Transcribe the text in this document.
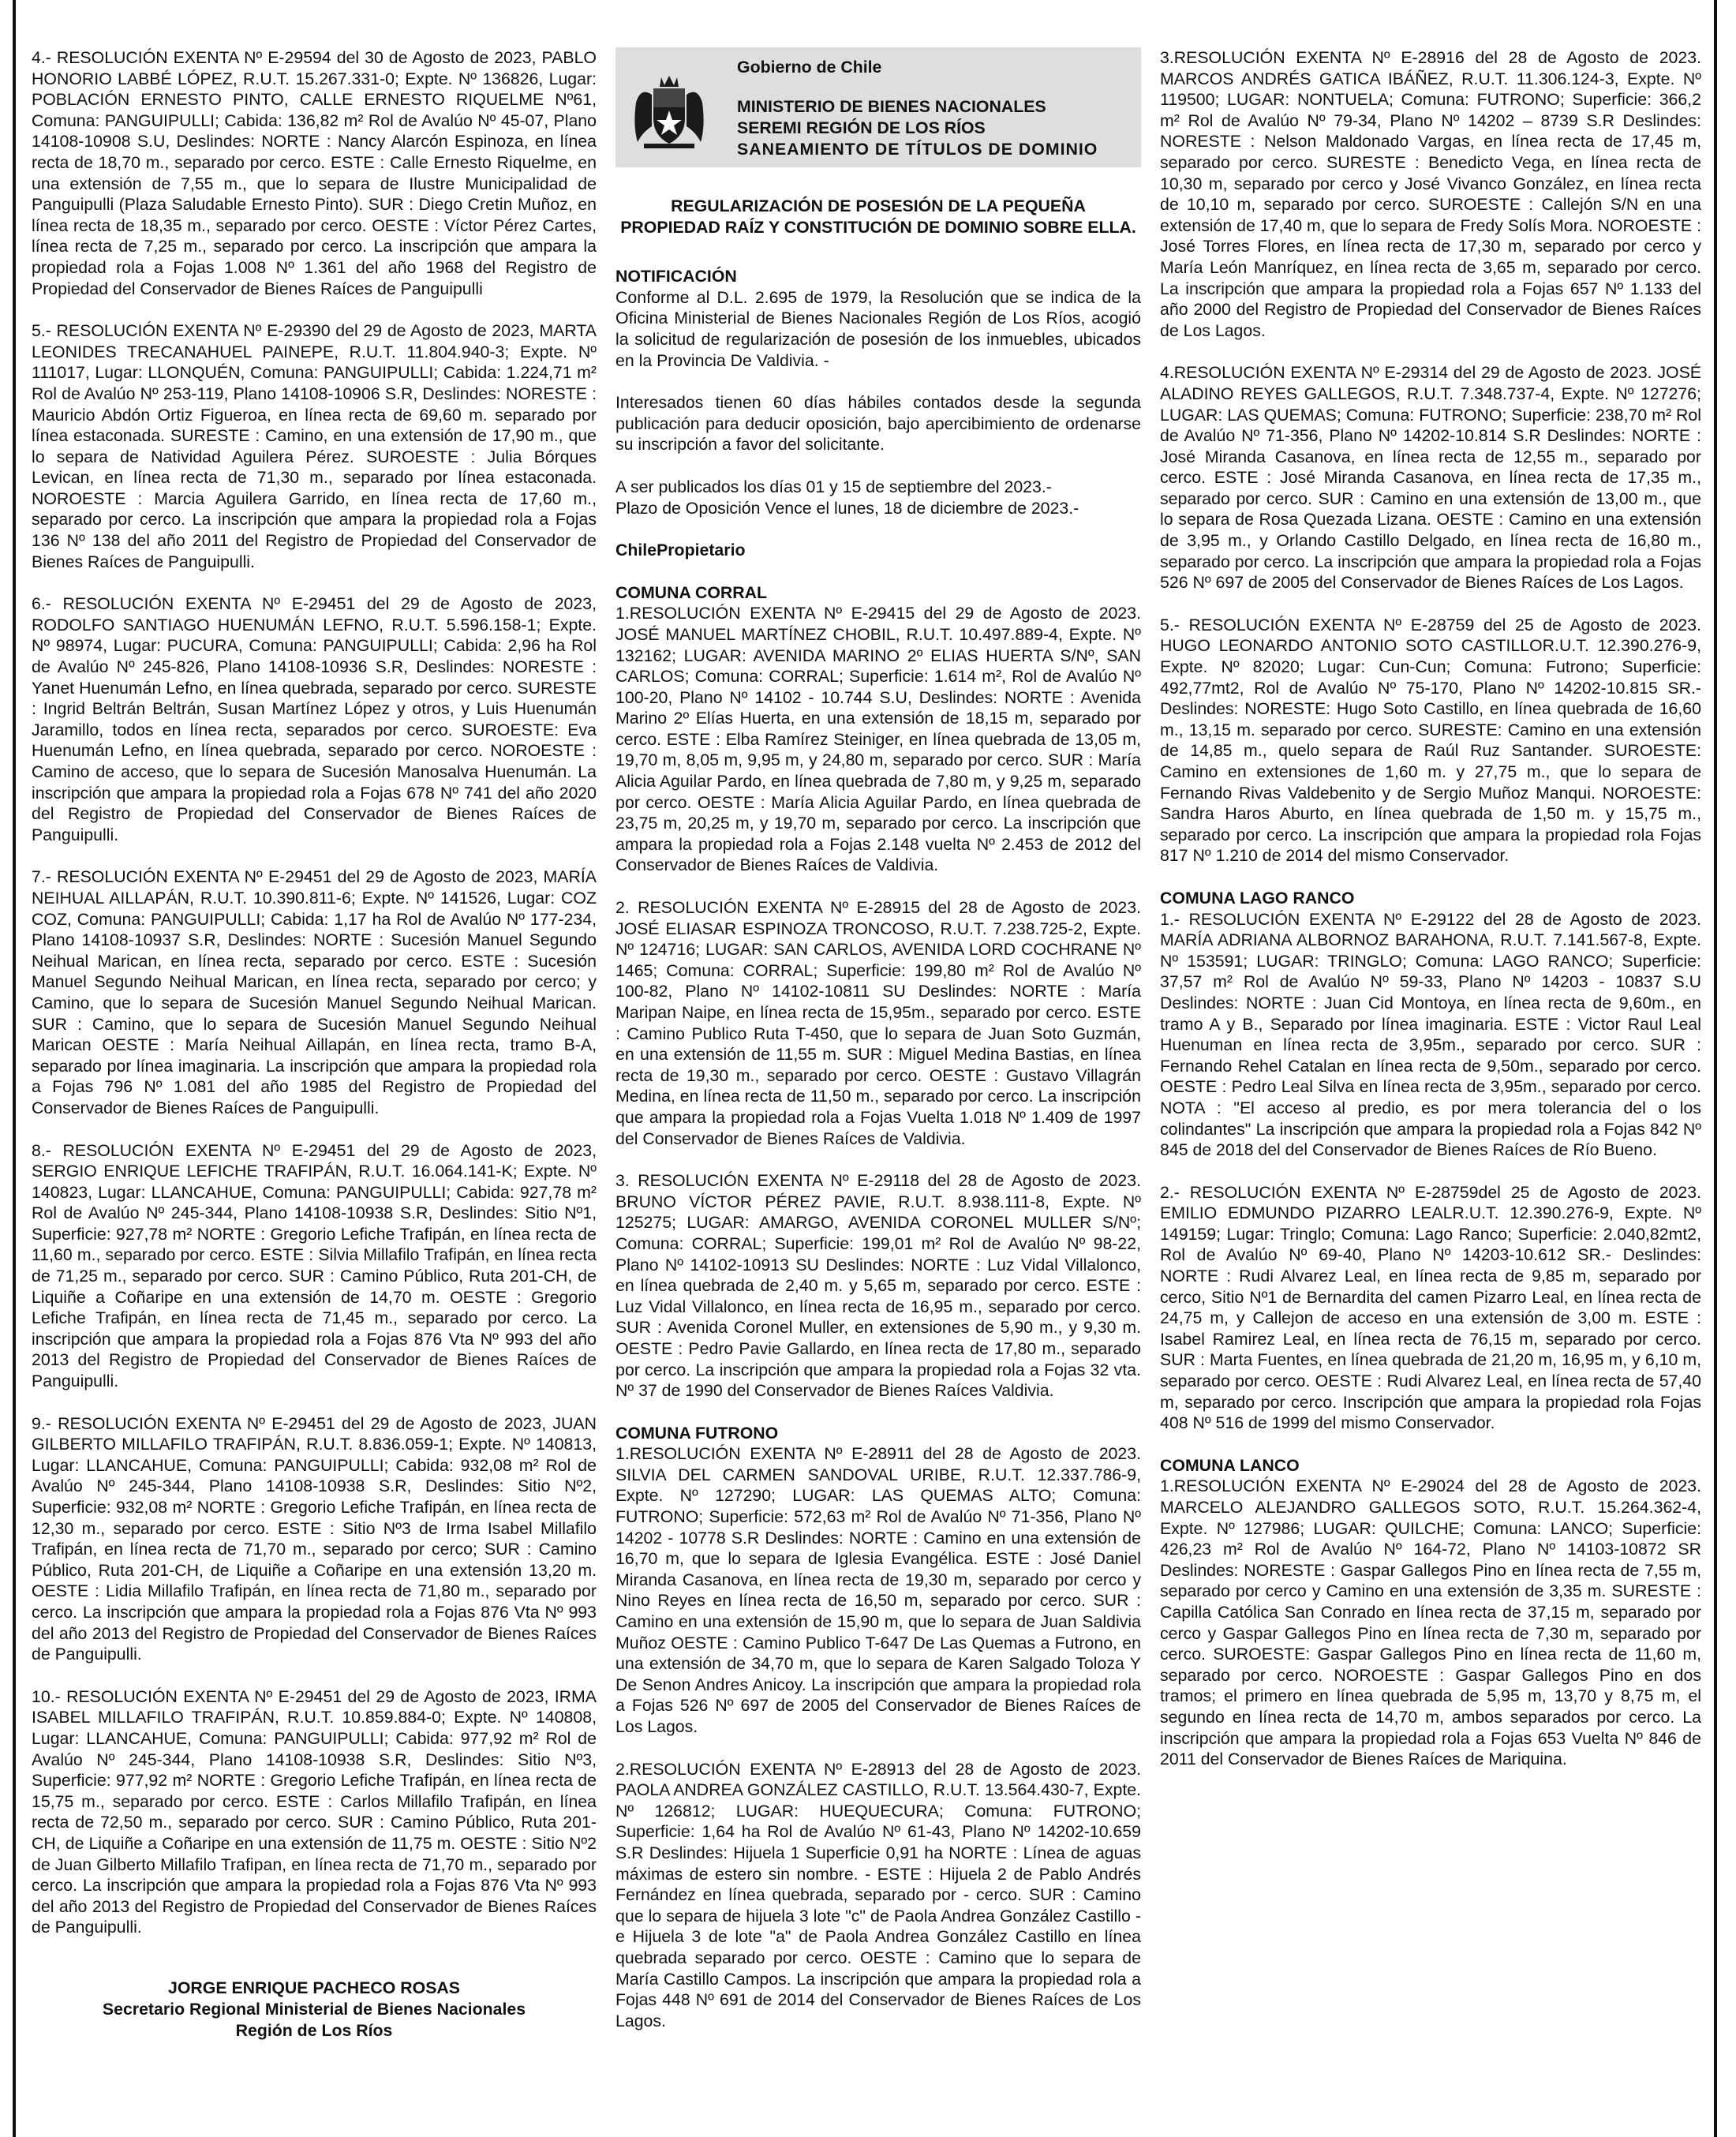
4.- RESOLUCIÓN EXENTA Nº E-29594 del 30 de Agosto de 2023, PABLO HONORIO LABBÉ LÓPEZ, R.U.T. 15.267.331-0; Expte. Nº 136826, Lugar: POBLACIÓN ERNESTO PINTO, CALLE ERNESTO RIQUELME Nº61, Comuna: PANGUIPULLI; Cabida: 136,82 m² Rol de Avalúo Nº 45-07, Plano 14108-10908 S.U, Deslindes: NORTE : Nancy Alarcón Espinoza, en línea recta de 18,70 m., separado por cerco. ESTE : Calle Ernesto Riquelme, en una extensión de 7,55 m., que lo separa de Ilustre Municipalidad de Panguipulli (Plaza Saludable Ernesto Pinto). SUR : Diego Cretin Muñoz, en línea recta de 18,35 m., separado por cerco. OESTE : Víctor Pérez Cartes, línea recta de 7,25 m., separado por cerco. La inscripción que ampara la propiedad rola a Fojas 1.008 Nº 1.361 del año 1968 del Registro de Propiedad del Conservador de Bienes Raíces de Panguipulli

5.- RESOLUCIÓN EXENTA Nº E-29390 del 29 de Agosto de 2023, MARTA LEONIDES TRECANAHUEL PAINEPE, R.U.T. 11.804.940-3; Expte. Nº 111017, Lugar: LLONQUÉN, Comuna: PANGUIPULLI; Cabida: 1.224,71 m² Rol de Avalúo Nº 253-119, Plano 14108-10906 S.R, Deslindes: NORESTE : Mauricio Abdón Ortiz Figueroa, en línea recta de 69,60 m. separado por línea estaconada. SURESTE : Camino, en una extensión de 17,90 m., que lo separa de Natividad Aguilera Pérez. SUROESTE : Julia Bórques Levican, en línea recta de 71,30 m., separado por línea estaconada. NOROESTE : Marcia Aguilera Garrido, en línea recta de 17,60 m., separado por cerco. La inscripción que ampara la propiedad rola a Fojas 136 Nº 138 del año 2011 del Registro de Propiedad del Conservador de Bienes Raíces de Panguipulli.

6.- RESOLUCIÓN EXENTA Nº E-29451 del 29 de Agosto de 2023, RODOLFO SANTIAGO HUENUMÁN LEFNO, R.U.T. 5.596.158-1; Expte. Nº 98974, Lugar: PUCURA, Comuna: PANGUIPULLI; Cabida: 2,96 ha Rol de Avalúo Nº 245-826, Plano 14108-10936 S.R, Deslindes: NORESTE : Yanet Huenumán Lefno, en línea quebrada, separado por cerco. SURESTE : Ingrid Beltrán Beltrán, Susan Martínez López y otros, y Luis Huenumán Jaramillo, todos en línea recta, separados por cerco. SUROESTE: Eva Huenumán Lefno, en línea quebrada, separado por cerco. NOROESTE : Camino de acceso, que lo separa de Sucesión Manosalva Huenumán. La inscripción que ampara la propiedad rola a Fojas 678 Nº 741 del año 2020 del Registro de Propiedad del Conservador de Bienes Raíces de Panguipulli.

7.- RESOLUCIÓN EXENTA Nº E-29451 del 29 de Agosto de 2023, MARÍA NEIHUAL AILLAPÁN, R.U.T. 10.390.811-6; Expte. Nº 141526, Lugar: COZ COZ, Comuna: PANGUIPULLI; Cabida: 1,17 ha Rol de Avalúo Nº 177-234, Plano 14108-10937 S.R, Deslindes: NORTE : Sucesión Manuel Segundo Neihual Marican, en línea recta, separado por cerco. ESTE : Sucesión Manuel Segundo Neihual Marican, en línea recta, separado por cerco; y Camino, que lo separa de Sucesión Manuel Segundo Neihual Marican. SUR : Camino, que lo separa de Sucesión Manuel Segundo Neihual Marican OESTE : María Neihual Aillapán, en línea recta, tramo B-A, separado por línea imaginaria. La inscripción que ampara la propiedad rola a Fojas 796 Nº 1.081 del año 1985 del Registro de Propiedad del Conservador de Bienes Raíces de Panguipulli.

8.- RESOLUCIÓN EXENTA Nº E-29451 del 29 de Agosto de 2023, SERGIO ENRIQUE LEFICHE TRAFIPÁN, R.U.T. 16.064.141-K; Expte. Nº 140823, Lugar: LLANCAHUE, Comuna: PANGUIPULLI; Cabida: 927,78 m² Rol de Avalúo Nº 245-344, Plano 14108-10938 S.R, Deslindes: Sitio Nº1, Superficie: 927,78 m² NORTE : Gregorio Lefiche Trafipán, en línea recta de 11,60 m., separado por cerco. ESTE : Silvia Millafilo Trafipán, en línea recta de 71,25 m., separado por cerco. SUR : Camino Público, Ruta 201-CH, de Liquiñe a Coñaripe en una extensión de 14,70 m. OESTE : Gregorio Lefiche Trafipán, en línea recta de 71,45 m., separado por cerco. La inscripción que ampara la propiedad rola a Fojas 876 Vta Nº 993 del año 2013 del Registro de Propiedad del Conservador de Bienes Raíces de Panguipulli.

9.- RESOLUCIÓN EXENTA Nº E-29451 del 29 de Agosto de 2023, JUAN GILBERTO MILLAFILO TRAFIPÁN, R.U.T. 8.836.059-1; Expte. Nº 140813, Lugar: LLANCAHUE, Comuna: PANGUIPULLI; Cabida: 932,08 m² Rol de Avalúo Nº 245-344, Plano 14108-10938 S.R, Deslindes: Sitio Nº2, Superficie: 932,08 m² NORTE : Gregorio Lefiche Trafipán, en línea recta de 12,30 m., separado por cerco. ESTE : Sitio Nº3 de Irma Isabel Millafilo Trafipán, en línea recta de 71,70 m., separado por cerco; SUR : Camino Público, Ruta 201-CH, de Liquiñe a Coñaripe en una extensión 13,20 m. OESTE : Lidia Millafilo Trafipán, en línea recta de 71,80 m., separado por cerco. La inscripción que ampara la propiedad rola a Fojas 876 Vta Nº 993 del año 2013 del Registro de Propiedad del Conservador de Bienes Raíces de Panguipulli.

10.- RESOLUCIÓN EXENTA Nº E-29451 del 29 de Agosto de 2023, IRMA ISABEL MILLAFILO TRAFIPÁN, R.U.T. 10.859.884-0; Expte. Nº 140808, Lugar: LLANCAHUE, Comuna: PANGUIPULLI; Cabida: 977,92 m² Rol de Avalúo Nº 245-344, Plano 14108-10938 S.R, Deslindes: Sitio Nº3, Superficie: 977,92 m² NORTE : Gregorio Lefiche Trafipán, en línea recta de 15,75 m., separado por cerco. ESTE : Carlos Millafilo Trafipán, en línea recta de 72,50 m., separado por cerco. SUR : Camino Público, Ruta 201-CH, de Liquiñe a Coñaripe en una extensión de 11,75 m. OESTE : Sitio Nº2 de Juan Gilberto Millafilo Trafipan, en línea recta de 71,70 m., separado por cerco. La inscripción que ampara la propiedad rola a Fojas 876 Vta Nº 993 del año 2013 del Registro de Propiedad del Conservador de Bienes Raíces de Panguipulli.

JORGE ENRIQUE PACHECO ROSAS
Secretario Regional Ministerial de Bienes Nacionales
Región de Los Ríos
Gobierno de Chile
MINISTERIO DE BIENES NACIONALES
SEREMI REGIÓN DE LOS RÍOS
SANEAMIENTO DE TÍTULOS DE DOMINIO
REGULARIZACIÓN DE POSESIÓN DE LA PEQUEÑA
PROPIEDAD RAÍZ Y CONSTITUCIÓN DE DOMINIO SOBRE ELLA.

NOTIFICACIÓN

Conforme al D.L. 2.695 de 1979, la Resolución que se indica de la Oficina Ministerial de Bienes Nacionales Región de Los Ríos, acogió la solicitud de regularización de posesión de los inmuebles, ubicados en la Provincia De Valdivia. -

Interesados tienen 60 días hábiles contados desde la segunda publicación para deducir oposición, bajo apercibimiento de ordenarse su inscripción a favor del solicitante.

A ser publicados los días 01 y 15 de septiembre del 2023.-
Plazo de Oposición Vence el lunes, 18 de diciembre de 2023.-

ChilePropietario

COMUNA CORRAL

1.RESOLUCIÓN EXENTA Nº E-29415 del 29 de Agosto de 2023. JOSÉ MANUEL MARTÍNEZ CHOBIL, R.U.T. 10.497.889-4, Expte. Nº 132162; LUGAR: AVENIDA MARINO 2º ELIAS HUERTA S/Nº, SAN CARLOS; Comuna: CORRAL; Superficie: 1.614 m², Rol de Avalúo Nº 100-20, Plano Nº 14102 - 10.744 S.U, Deslindes: NORTE : Avenida Marino 2º Elías Huerta, en una extensión de 18,15 m, separado por cerco. ESTE : Elba Ramírez Steiniger, en línea quebrada de 13,05 m, 19,70 m, 8,05 m, 9,95 m, y 24,80 m, separado por cerco. SUR : María Alicia Aguilar Pardo, en línea quebrada de 7,80 m, y 9,25 m, separado por cerco. OESTE : María Alicia Aguilar Pardo, en línea quebrada de 23,75 m, 20,25 m, y 19,70 m, separado por cerco. La inscripción que ampara la propiedad rola a Fojas 2.148 vuelta Nº 2.453 de 2012 del Conservador de Bienes Raíces de Valdivia.

2. RESOLUCIÓN EXENTA Nº E-28915 del 28 de Agosto de 2023. JOSÉ ELIASAR ESPINOZA TRONCOSO, R.U.T. 7.238.725-2, Expte. Nº 124716; LUGAR: SAN CARLOS, AVENIDA LORD COCHRANE Nº 1465; Comuna: CORRAL; Superficie: 199,80 m² Rol de Avalúo Nº 100-82, Plano Nº 14102-10811 SU Deslindes: NORTE : María Maripan Naipe, en línea recta de 15,95m., separado por cerco. ESTE : Camino Publico Ruta T-450, que lo separa de Juan Soto Guzmán, en una extensión de 11,55 m. SUR : Miguel Medina Bastias, en línea recta de 19,30 m., separado por cerco. OESTE : Gustavo Villagrán Medina, en línea recta de 11,50 m., separado por cerco. La inscripción que ampara la propiedad rola a Fojas Vuelta 1.018 Nº 1.409 de 1997 del Conservador de Bienes Raíces de Valdivia.

3. RESOLUCIÓN EXENTA Nº E-29118 del 28 de Agosto de 2023. BRUNO VÍCTOR PÉREZ PAVIE, R.U.T. 8.938.111-8, Expte. Nº 125275; LUGAR: AMARGO, AVENIDA CORONEL MULLER S/Nº; Comuna: CORRAL; Superficie: 199,01 m² Rol de Avalúo Nº 98-22, Plano Nº 14102-10913 SU Deslindes: NORTE : Luz Vidal Villalonco, en línea quebrada de 2,40 m. y 5,65 m, separado por cerco. ESTE : Luz Vidal Villalonco, en línea recta de 16,95 m., separado por cerco. SUR : Avenida Coronel Muller, en extensiones de 5,90 m., y 9,30 m. OESTE : Pedro Pavie Gallardo, en línea recta de 17,80 m., separado por cerco. La inscripción que ampara la propiedad rola a Fojas 32 vta. Nº 37 de 1990 del Conservador de Bienes Raíces Valdivia.

COMUNA FUTRONO

1.RESOLUCIÓN EXENTA Nº E-28911 del 28 de Agosto de 2023. SILVIA DEL CARMEN SANDOVAL URIBE, R.U.T. 12.337.786-9, Expte. Nº 127290; LUGAR: LAS QUEMAS ALTO; Comuna: FUTRONO; Superficie: 572,63 m² Rol de Avalúo Nº 71-356, Plano Nº 14202 - 10778 S.R Deslindes: NORTE : Camino en una extensión de 16,70 m, que lo separa de Iglesia Evangélica. ESTE : José Daniel Miranda Casanova, en línea recta de 19,30 m, separado por cerco y Nino Reyes en línea recta de 16,50 m, separado por cerco. SUR : Camino en una extensión de 15,90 m, que lo separa de Juan Saldivia Muñoz OESTE : Camino Publico T-647 De Las Quemas a Futrono, en una extensión de 34,70 m, que lo separa de Karen Salgado Toloza Y De Senon Andres Anicoy. La inscripción que ampara la propiedad rola a Fojas 526 Nº 697 de 2005 del Conservador de Bienes Raíces de Los Lagos.

2.RESOLUCIÓN EXENTA Nº E-28913 del 28 de Agosto de 2023. PAOLA ANDREA GONZÁLEZ CASTILLO, R.U.T. 13.564.430-7, Expte. Nº 126812; LUGAR: HUEQUECURA; Comuna: FUTRONO; Superficie: 1,64 ha Rol de Avalúo Nº 61-43, Plano Nº 14202-10.659 S.R Deslindes: Hijuela 1 Superficie 0,91 ha NORTE : Línea de aguas máximas de estero sin nombre. - ESTE : Hijuela 2 de Pablo Andrés Fernández en línea quebrada, separado por - cerco. SUR : Camino que lo separa de hijuela 3 lote "c" de Paola Andrea González Castillo - e Hijuela 3 de lote "a" de Paola Andrea González Castillo en línea quebrada separado por cerco. OESTE : Camino que lo separa de María Castillo Campos. La inscripción que ampara la propiedad rola a Fojas 448 Nº 691 de 2014 del Conservador de Bienes Raíces de Los Lagos.

3.RESOLUCIÓN EXENTA Nº E-28916 del 28 de Agosto de 2023. MARCOS ANDRÉS GATICA IBÁÑEZ, R.U.T. 11.306.124-3, Expte. Nº 119500; LUGAR: NONTUELA; Comuna: FUTRONO; Superficie: 366,2 m² Rol de Avalúo Nº 79-34, Plano Nº 14202 – 8739 S.R Deslindes: NORESTE : Nelson Maldonado Vargas, en línea recta de 17,45 m, separado por cerco. SURESTE : Benedicto Vega, en línea recta de 10,30 m, separado por cerco y José Vivanco González, en línea recta de 10,10 m, separado por cerco. SUROESTE : Callejón S/N en una extensión de 17,40 m, que lo separa de Fredy Solís Mora. NOROESTE : José Torres Flores, en línea recta de 17,30 m, separado por cerco y María León Manríquez, en línea recta de 3,65 m, separado por cerco. La inscripción que ampara la propiedad rola a Fojas 657 Nº 1.133 del año 2000 del Registro de Propiedad del Conservador de Bienes Raíces de Los Lagos.

4.RESOLUCIÓN EXENTA Nº E-29314 del 29 de Agosto de 2023. JOSÉ ALADINO REYES GALLEGOS, R.U.T. 7.348.737-4, Expte. Nº 127276; LUGAR: LAS QUEMAS; Comuna: FUTRONO; Superficie: 238,70 m² Rol de Avalúo Nº 71-356, Plano Nº 14202-10.814 S.R Deslindes: NORTE : José Miranda Casanova, en línea recta de 12,55 m., separado por cerco. ESTE : José Miranda Casanova, en línea recta de 17,35 m., separado por cerco. SUR : Camino en una extensión de 13,00 m., que lo separa de Rosa Quezada Lizana. OESTE : Camino en una extensión de 3,95 m., y Orlando Castillo Delgado, en línea recta de 16,80 m., separado por cerco. La inscripción que ampara la propiedad rola a Fojas 526 Nº 697 de 2005 del Conservador de Bienes Raíces de Los Lagos.

5.- RESOLUCIÓN EXENTA Nº E-28759 del 25 de Agosto de 2023. HUGO LEONARDO ANTONIO SOTO CASTILLOR.U.T. 12.390.276-9, Expte. Nº 82020; Lugar: Cun-Cun; Comuna: Futrono; Superficie: 492,77mt2, Rol de Avalúo Nº 75-170, Plano Nº 14202-10.815 SR.- Deslindes: NORESTE: Hugo Soto Castillo, en línea quebrada de 16,60 m., 13,15 m. separado por cerco. SURESTE: Camino en una extensión de 14,85 m., quelo separa de Raúl Ruz Santander. SUROESTE: Camino en extensiones de 1,60 m. y 27,75 m., que lo separa de Fernando Rivas Valdebenito y de Sergio Muñoz Manqui. NOROESTE: Sandra Haros Aburto, en línea quebrada de 1,50 m. y 15,75 m., separado por cerco. La inscripción que ampara la propiedad rola Fojas 817 Nº 1.210 de 2014 del mismo Conservador.

COMUNA LAGO RANCO

1.- RESOLUCIÓN EXENTA Nº E-29122 del 28 de Agosto de 2023. MARÍA ADRIANA ALBORNOZ BARAHONA, R.U.T. 7.141.567-8, Expte. Nº 153591; LUGAR: TRINGLO; Comuna: LAGO RANCO; Superficie: 37,57 m² Rol de Avalúo Nº 59-33, Plano Nº 14203 - 10837 S.U Deslindes: NORTE : Juan Cid Montoya, en línea recta de 9,60m., en tramo A y B., Separado por línea imaginaria. ESTE : Victor Raul Leal Huenuman en línea recta de 3,95m., separado por cerco. SUR : Fernando Rehel Catalan en línea recta de 9,50m., separado por cerco. OESTE : Pedro Leal Silva en línea recta de 3,95m., separado por cerco. NOTA : "El acceso al predio, es por mera tolerancia del o los colindantes" La inscripción que ampara la propiedad rola a Fojas 842 Nº 845 de 2018 del del Conservador de Bienes Raíces de Río Bueno.

2.- RESOLUCIÓN EXENTA Nº E-28759del 25 de Agosto de 2023. EMILIO EDMUNDO PIZARRO LEALR.U.T. 12.390.276-9, Expte. Nº 149159; Lugar: Tringlo; Comuna: Lago Ranco; Superficie: 2.040,82mt2, Rol de Avalúo Nº 69-40, Plano Nº 14203-10.612 SR.- Deslindes: NORTE : Rudi Alvarez Leal, en línea recta de 9,85 m, separado por cerco, Sitio Nº1 de Bernardita del camen Pizarro Leal, en línea recta de 24,75 m, y Callejon de acceso en una extensión de 3,00 m. ESTE : Isabel Ramirez Leal, en línea recta de 76,15 m, separado por cerco. SUR : Marta Fuentes, en línea quebrada de 21,20 m, 16,95 m, y 6,10 m, separado por cerco. OESTE : Rudi Alvarez Leal, en línea recta de 57,40 m, separado por cerco. Inscripción que ampara la propiedad rola Fojas 408 Nº 516 de 1999 del mismo Conservador.

COMUNA LANCO

1.RESOLUCIÓN EXENTA Nº E-29024 del 28 de Agosto de 2023. MARCELO ALEJANDRO GALLEGOS SOTO, R.U.T. 15.264.362-4, Expte. Nº 127986; LUGAR: QUILCHE; Comuna: LANCO; Superficie: 426,23 m² Rol de Avalúo Nº 164-72, Plano Nº 14103-10872 SR Deslindes: NORESTE : Gaspar Gallegos Pino en línea recta de 7,55 m, separado por cerco y Camino en una extensión de 3,35 m. SURESTE : Capilla Católica San Conrado en línea recta de 37,15 m, separado por cerco y Gaspar Gallegos Pino en línea recta de 7,30 m, separado por cerco. SUROESTE: Gaspar Gallegos Pino en línea recta de 11,60 m, separado por cerco. NOROESTE : Gaspar Gallegos Pino en dos tramos; el primero en línea quebrada de 5,95 m, 13,70 y 8,75 m, el segundo en línea recta de 14,70 m, ambos separados por cerco. La inscripción que ampara la propiedad rola a Fojas 653 Vuelta Nº 846 de 2011 del Conservador de Bienes Raíces de Mariquina.
